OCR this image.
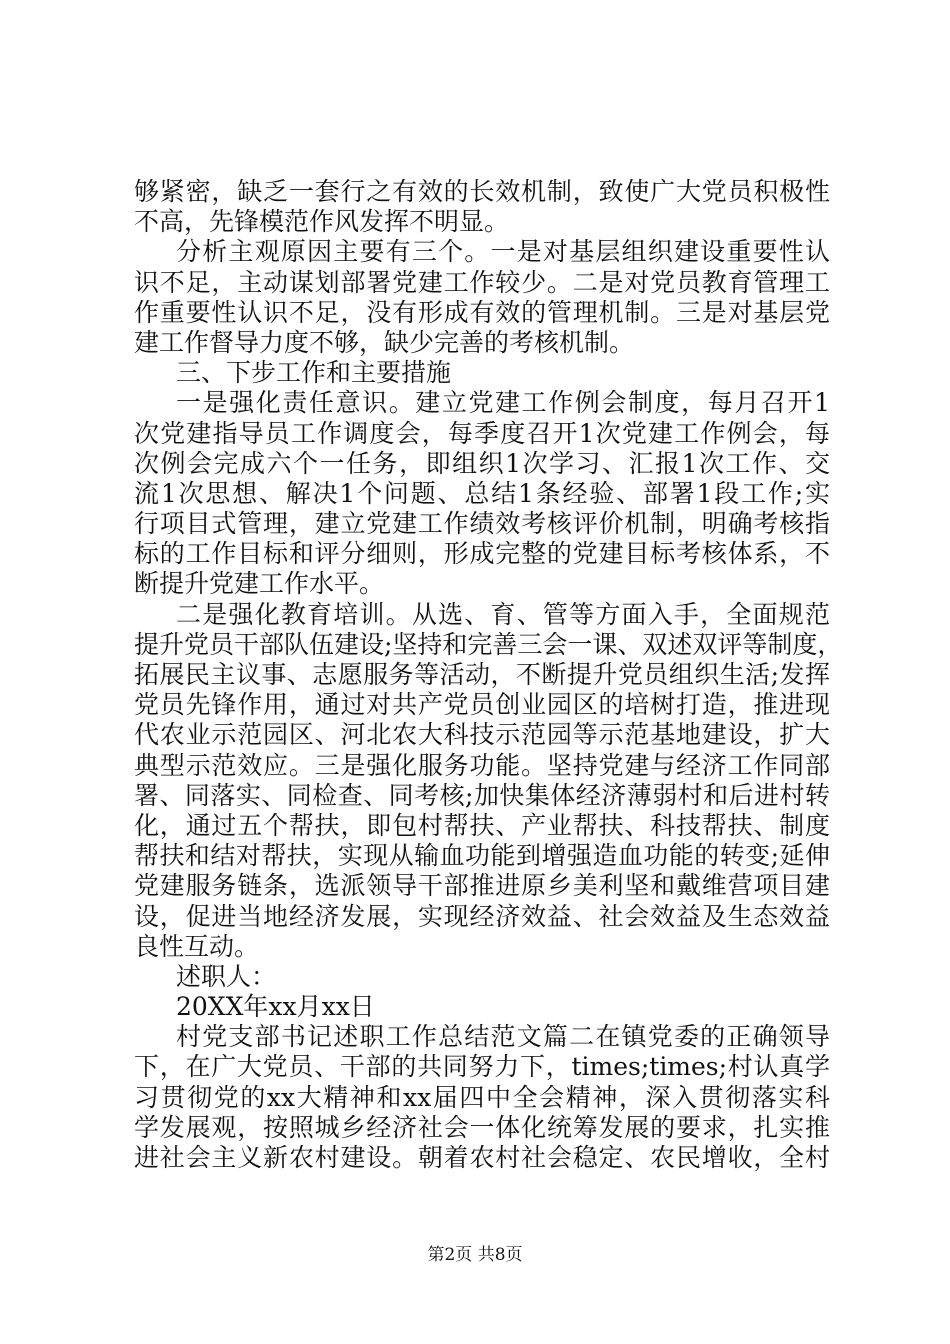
够紧密，缺乏一套行之有效的长效机制，致使广大党员积极性
不高，先锋模范作风发挥不明显。
分析主观原因主要有三个。一是对基层组织建设重要性认
识不足，主动谋划部署党建工作较少。二是对党员教育管理工
作重要性认识不足，没有形成有效的管理机制。三是对基层党
建工作督导力度不够，缺少完善的考核机制。
三、下步工作和主要措施
一是强化责任意识。建立党建工作例会制度，每月召开1
次党建指导员工作调度会，每季度召开1次党建工作例会，每
次例会完成六个一任务，即组织1次学习、汇报1次工作、交
流1次思想、解决1个问题、总结1条经验、部署1段工作;实
行项目式管理，建立党建工作绩效考核评价机制，明确考核指
标的工作目标和评分细则，形成完整的党建目标考核体系，不
断提升党建工作水平。
二是强化教育培训。从选、育、管等方面入手，全面规范
提升党员干部队伍建设;坚持和完善三会一课、双述双评等制度，
拓展民主议事、志愿服务等活动，不断提升党员组织生活;发挥
党员先锋作用，通过对共产党员创业园区的培树打造，推进现
代农业示范园区、河北农大科技示范园等示范基地建设，扩大
典型示范效应。三是强化服务功能。坚持党建与经济工作同部
署、同落实、同检查、同考核;加快集体经济薄弱村和后进村转
化，通过五个帮扶，即包村帮扶、产业帮扶、科技帮扶、制度
帮扶和结对帮扶，实现从输血功能到增强造血功能的转变;延伸
党建服务链条，选派领导干部推进原乡美利坚和戴维营项目建
设，促进当地经济发展，实现经济效益、社会效益及生态效益
良性互动。
述职人：
20XX年xx月xx日
村党支部书记述职工作总结范文篇二在镇党委的正确领导
下，在广大党员、干部的共同努力下，times;times;村认真学
习贯彻党的xx大精神和xx届四中全会精神，深入贯彻落实科
学发展观，按照城乡经济社会一体化统筹发展的要求，扎实推
进社会主义新农村建设。朝着农村社会稳定、农民增收，全村
第2页 共8页
